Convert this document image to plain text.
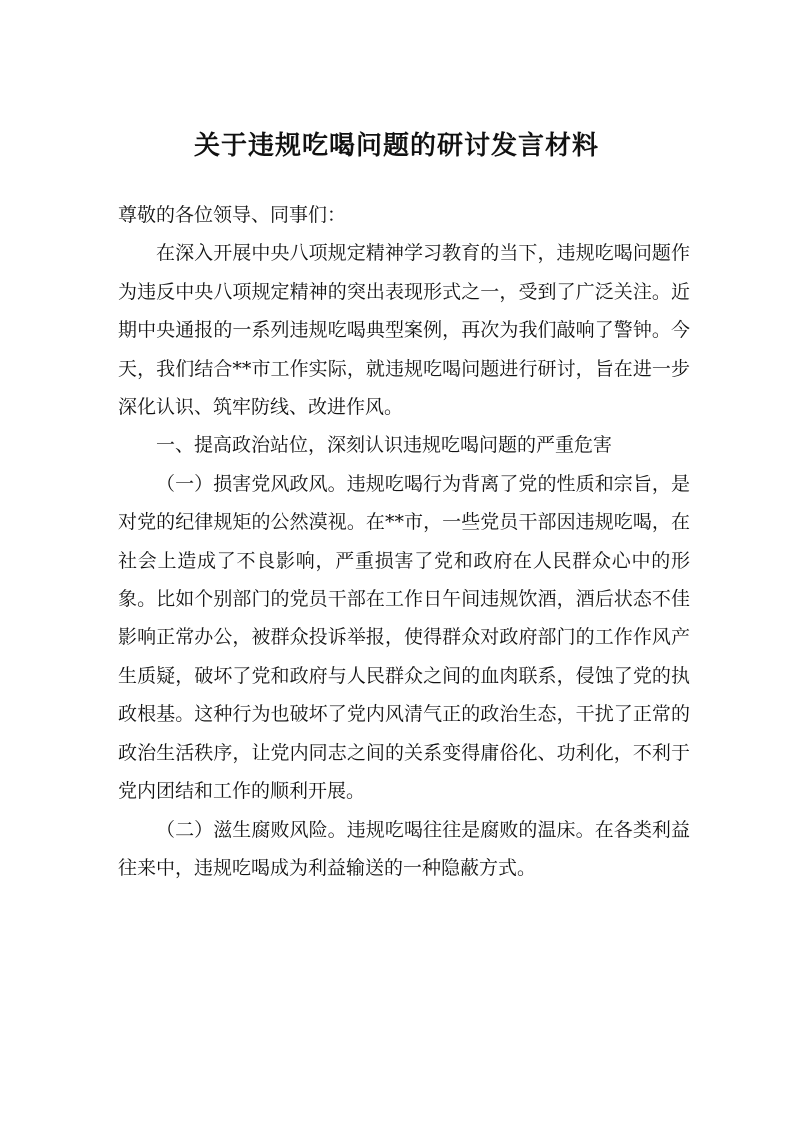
关于违规吃喝问题的研讨发言材料

尊敬的各位领导、同事们：

在深入开展中央八项规定精神学习教育的当下，违规吃喝问题作为违反中央八项规定精神的突出表现形式之一，受到了广泛关注。近期中央通报的一系列违规吃喝典型案例，再次为我们敲响了警钟。今天，我们结合**市工作实际，就违规吃喝问题进行研讨，旨在进一步深化认识、筑牢防线、改进作风。

一、提高政治站位，深刻认识违规吃喝问题的严重危害

（一）损害党风政风。违规吃喝行为背离了党的性质和宗旨，是对党的纪律规矩的公然漠视。在**市，一些党员干部因违规吃喝，在社会上造成了不良影响，严重损害了党和政府在人民群众心中的形象。比如个别部门的党员干部在工作日午间违规饮酒，酒后状态不佳影响正常办公，被群众投诉举报，使得群众对政府部门的工作作风产生质疑，破坏了党和政府与人民群众之间的血肉联系，侵蚀了党的执政根基。这种行为也破坏了党内风清气正的政治生态，干扰了正常的政治生活秩序，让党内同志之间的关系变得庸俗化、功利化，不利于党内团结和工作的顺利开展。

（二）滋生腐败风险。违规吃喝往往是腐败的温床。在各类利益往来中，违规吃喝成为利益输送的一种隐蔽方式。
